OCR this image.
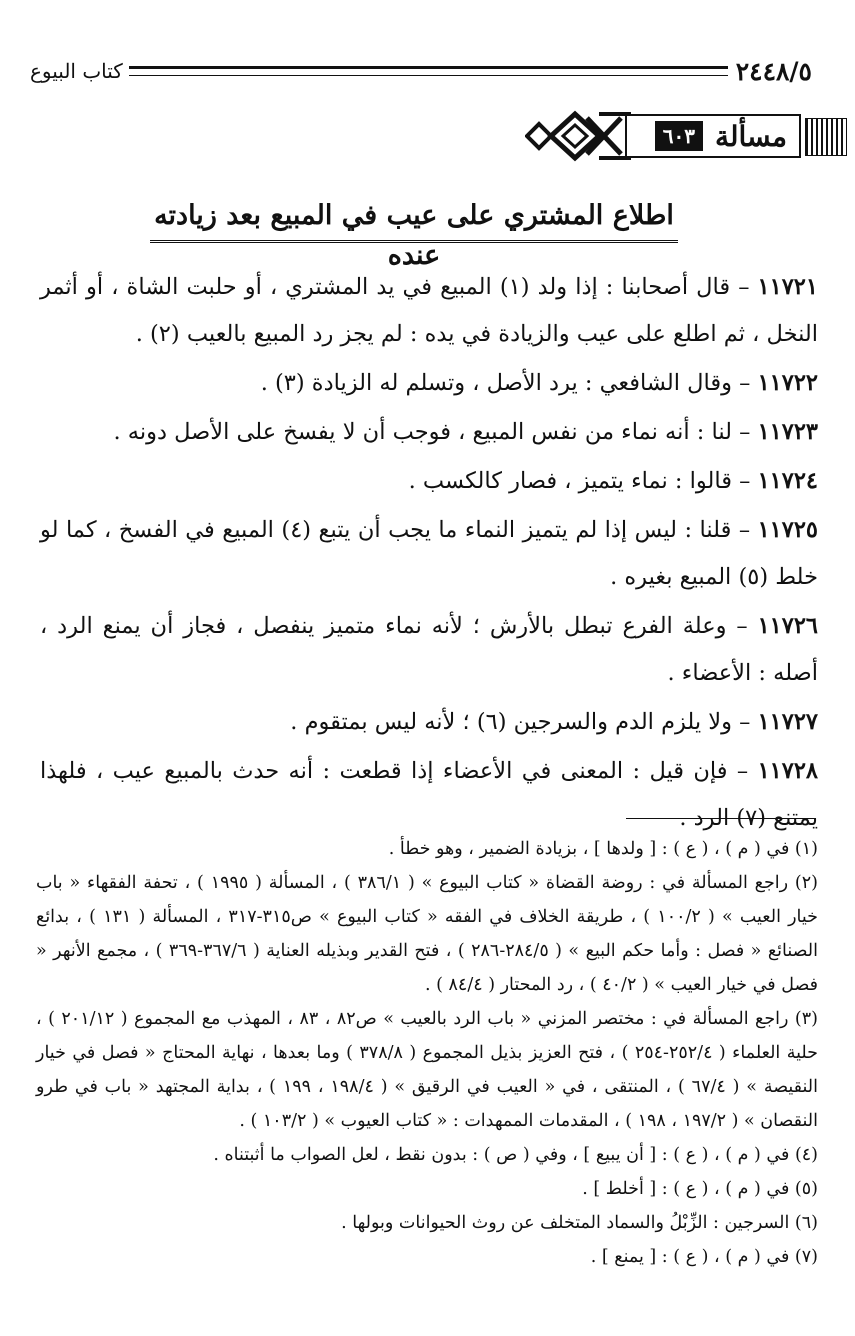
٢٤٤٨/٥
كتاب البيوع
مسألة
٦٠٣
اطلاع المشتري على عيب في المبيع بعد زيادته عنده

١١٧٢١ – قال أصحابنا : إذا ولد (١) المبيع في يد المشتري ، أو حلبت الشاة ، أو أثمر النخل ، ثم اطلع على عيب والزيادة في يده : لم يجز رد المبيع بالعيب (٢) .

١١٧٢٢ – وقال الشافعي : يرد الأصل ، وتسلم له الزيادة (٣) .

١١٧٢٣ – لنا : أنه نماء من نفس المبيع ، فوجب أن لا يفسخ على الأصل دونه .

١١٧٢٤ – قالوا : نماء يتميز ، فصار كالكسب .

١١٧٢٥ – قلنا : ليس إذا لم يتميز النماء ما يجب أن يتبع (٤) المبيع في الفسخ ، كما لو خلط (٥) المبيع بغيره .

١١٧٢٦ – وعلة الفرع تبطل بالأرش ؛ لأنه نماء متميز ينفصل ، فجاز أن يمنع الرد ، أصله : الأعضاء .

١١٧٢٧ – ولا يلزم الدم والسرجين (٦) ؛ لأنه ليس بمتقوم .

١١٧٢٨ – فإن قيل : المعنى في الأعضاء إذا قطعت : أنه حدث بالمبيع عيب ، فلهذا يمتنع (٧) الرد .

(١) في ( م ) ، ( ع ) : [ ولدها ] ، بزيادة الضمير ، وهو خطأ .

(٢) راجع المسألة في : روضة القضاة « كتاب البيوع » ( ٣٨٦/١ ) ، المسألة ( ١٩٩٥ ) ، تحفة الفقهاء « باب خيار العيب » ( ١٠٠/٢ ) ، طريقة الخلاف في الفقه « كتاب البيوع » ص٣١٥-٣١٧ ، المسألة ( ١٣١ ) ، بدائع الصنائع « فصل : وأما حكم البيع » ( ٢٨٤/٥-٢٨٦ ) ، فتح القدير وبذيله العناية ( ٣٦٧/٦-٣٦٩ ) ، مجمع الأنهر « فصل في خيار العيب » ( ٤٠/٢ ) ، رد المحتار ( ٨٤/٤ ) .

(٣) راجع المسألة في : مختصر المزني « باب الرد بالعيب » ص٨٢ ، ٨٣ ، المهذب مع المجموع ( ٢٠١/١٢ ) ، حلية العلماء ( ٢٥٢/٤-٢٥٤ ) ، فتح العزيز بذيل المجموع ( ٣٧٨/٨ ) وما بعدها ، نهاية المحتاج « فصل في خيار النقيصة » ( ٦٧/٤ ) ، المنتقى ، في « العيب في الرقيق » ( ١٩٨/٤ ، ١٩٩ ) ، بداية المجتهد « باب في طرو النقصان » ( ١٩٧/٢ ، ١٩٨ ) ، المقدمات الممهدات : « كتاب العيوب » ( ١٠٣/٢ ) .

(٤) في ( م ) ، ( ع ) : [ أن يبيع ] ، وفي ( ص ) : بدون نقط ، لعل الصواب ما أثبتناه .

(٥) في ( م ) ، ( ع ) : [ أخلط ] .

(٦) السرجين : الزِّبْلُ والسماد المتخلف عن روث الحيوانات وبولها .

(٧) في ( م ) ، ( ع ) : [ يمنع ] .
